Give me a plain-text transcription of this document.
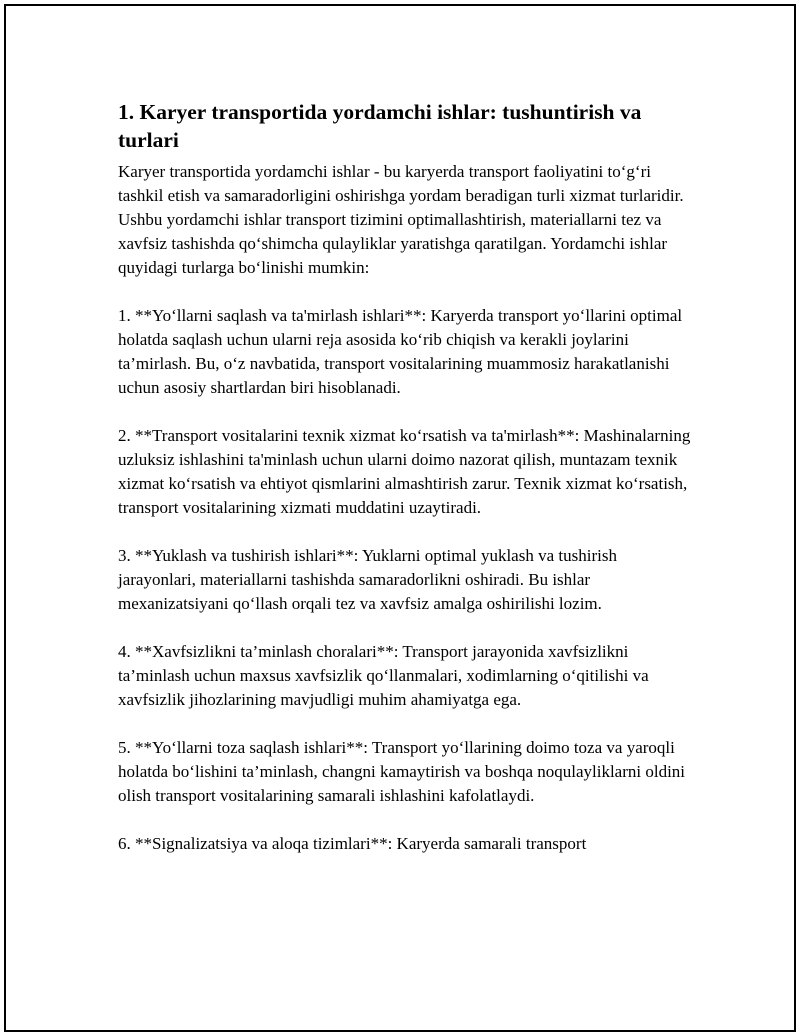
1. Karyer transportida yordamchi ishlar: tushuntirish va turlari

Karyer transportida yordamchi ishlar - bu karyerda transport faoliyatini to‘g‘ri tashkil etish va samaradorligini oshirishga yordam beradigan turli xizmat turlaridir. Ushbu yordamchi ishlar transport tizimini optimallashtirish, materiallarni tez va xavfsiz tashishda qo‘shimcha qulayliklar yaratishga qaratilgan. Yordamchi ishlar quyidagi turlarga bo‘linishi mumkin:

1. **Yo‘llarni saqlash va ta'mirlash ishlari**: Karyerda transport yo‘llarini optimal holatda saqlash uchun ularni reja asosida ko‘rib chiqish va kerakli joylarini ta’mirlash. Bu, o‘z navbatida, transport vositalarining muammosiz harakatlanishi uchun asosiy shartlardan biri hisoblanadi.

2. **Transport vositalarini texnik xizmat ko‘rsatish va ta'mirlash**: Mashinalarning uzluksiz ishlashini ta'minlash uchun ularni doimo nazorat qilish, muntazam texnik xizmat ko‘rsatish va ehtiyot qismlarini almashtirish zarur. Texnik xizmat ko‘rsatish, transport vositalarining xizmati muddatini uzaytiradi.

3. **Yuklash va tushirish ishlari**: Yuklarni optimal yuklash va tushirish jarayonlari, materiallarni tashishda samaradorlikni oshiradi. Bu ishlar mexanizatsiyani qo‘llash orqali tez va xavfsiz amalga oshirilishi lozim.

4. **Xavfsizlikni ta’minlash choralari**: Transport jarayonida xavfsizlikni ta’minlash uchun maxsus xavfsizlik qo‘llanmalari, xodimlarning o‘qitilishi va xavfsizlik jihozlarining mavjudligi muhim ahamiyatga ega.

5. **Yo‘llarni toza saqlash ishlari**: Transport yo‘llarining doimo toza va yaroqli holatda bo‘lishini ta’minlash, changni kamaytirish va boshqa noqulayliklarni oldini olish transport vositalarining samarali ishlashini kafolatlaydi.

6. **Signalizatsiya va aloqa tizimlari**: Karyerda samarali transport
